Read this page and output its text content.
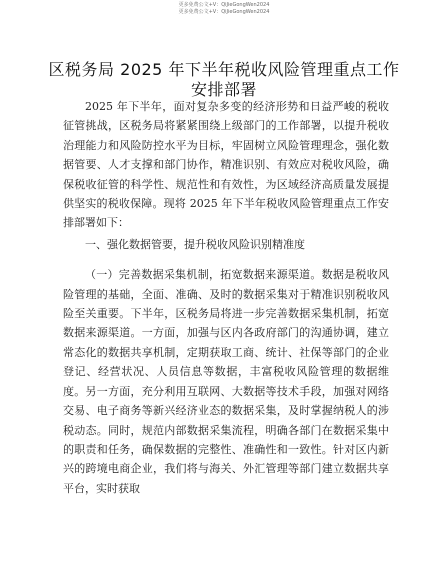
更多免费公文+V：QiJieGongWen2024
更多免费公文+V：QiJieGongWen2024
区税务局 2025 年下半年税收风险管理重点工作
安排部署

2025 年下半年，面对复杂多变的经济形势和日益严峻的税收征管挑战，区税务局将紧紧围绕上级部门的工作部署，以提升税收治理能力和风险防控水平为目标，牢固树立风险管理理念，强化数据管要、人才支撑和部门协作，精准识别、有效应对税收风险，确保税收征管的科学性、规范性和有效性，为区域经济高质量发展提供坚实的税收保障。现将 2025 年下半年税收风险管理重点工作安排部署如下：

一、强化数据管要，提升税收风险识别精准度

（一）完善数据采集机制，拓宽数据来源渠道。数据是税收风险管理的基础，全面、准确、及时的数据采集对于精准识别税收风险至关重要。下半年，区税务局将进一步完善数据采集机制，拓宽数据来源渠道。一方面，加强与区内各政府部门的沟通协调，建立常态化的数据共享机制，定期获取工商、统计、社保等部门的企业登记、经营状况、人员信息等数据，丰富税收风险管理的数据维度。另一方面，充分利用互联网、大数据等技术手段，加强对网络交易、电子商务等新兴经济业态的数据采集，及时掌握纳税人的涉税动态。同时，规范内部数据采集流程，明确各部门在数据采集中的职责和任务，确保数据的完整性、准确性和一致性。针对区内新兴的跨境电商企业，我们将与海关、外汇管理等部门建立数据共享平台，实时获取
